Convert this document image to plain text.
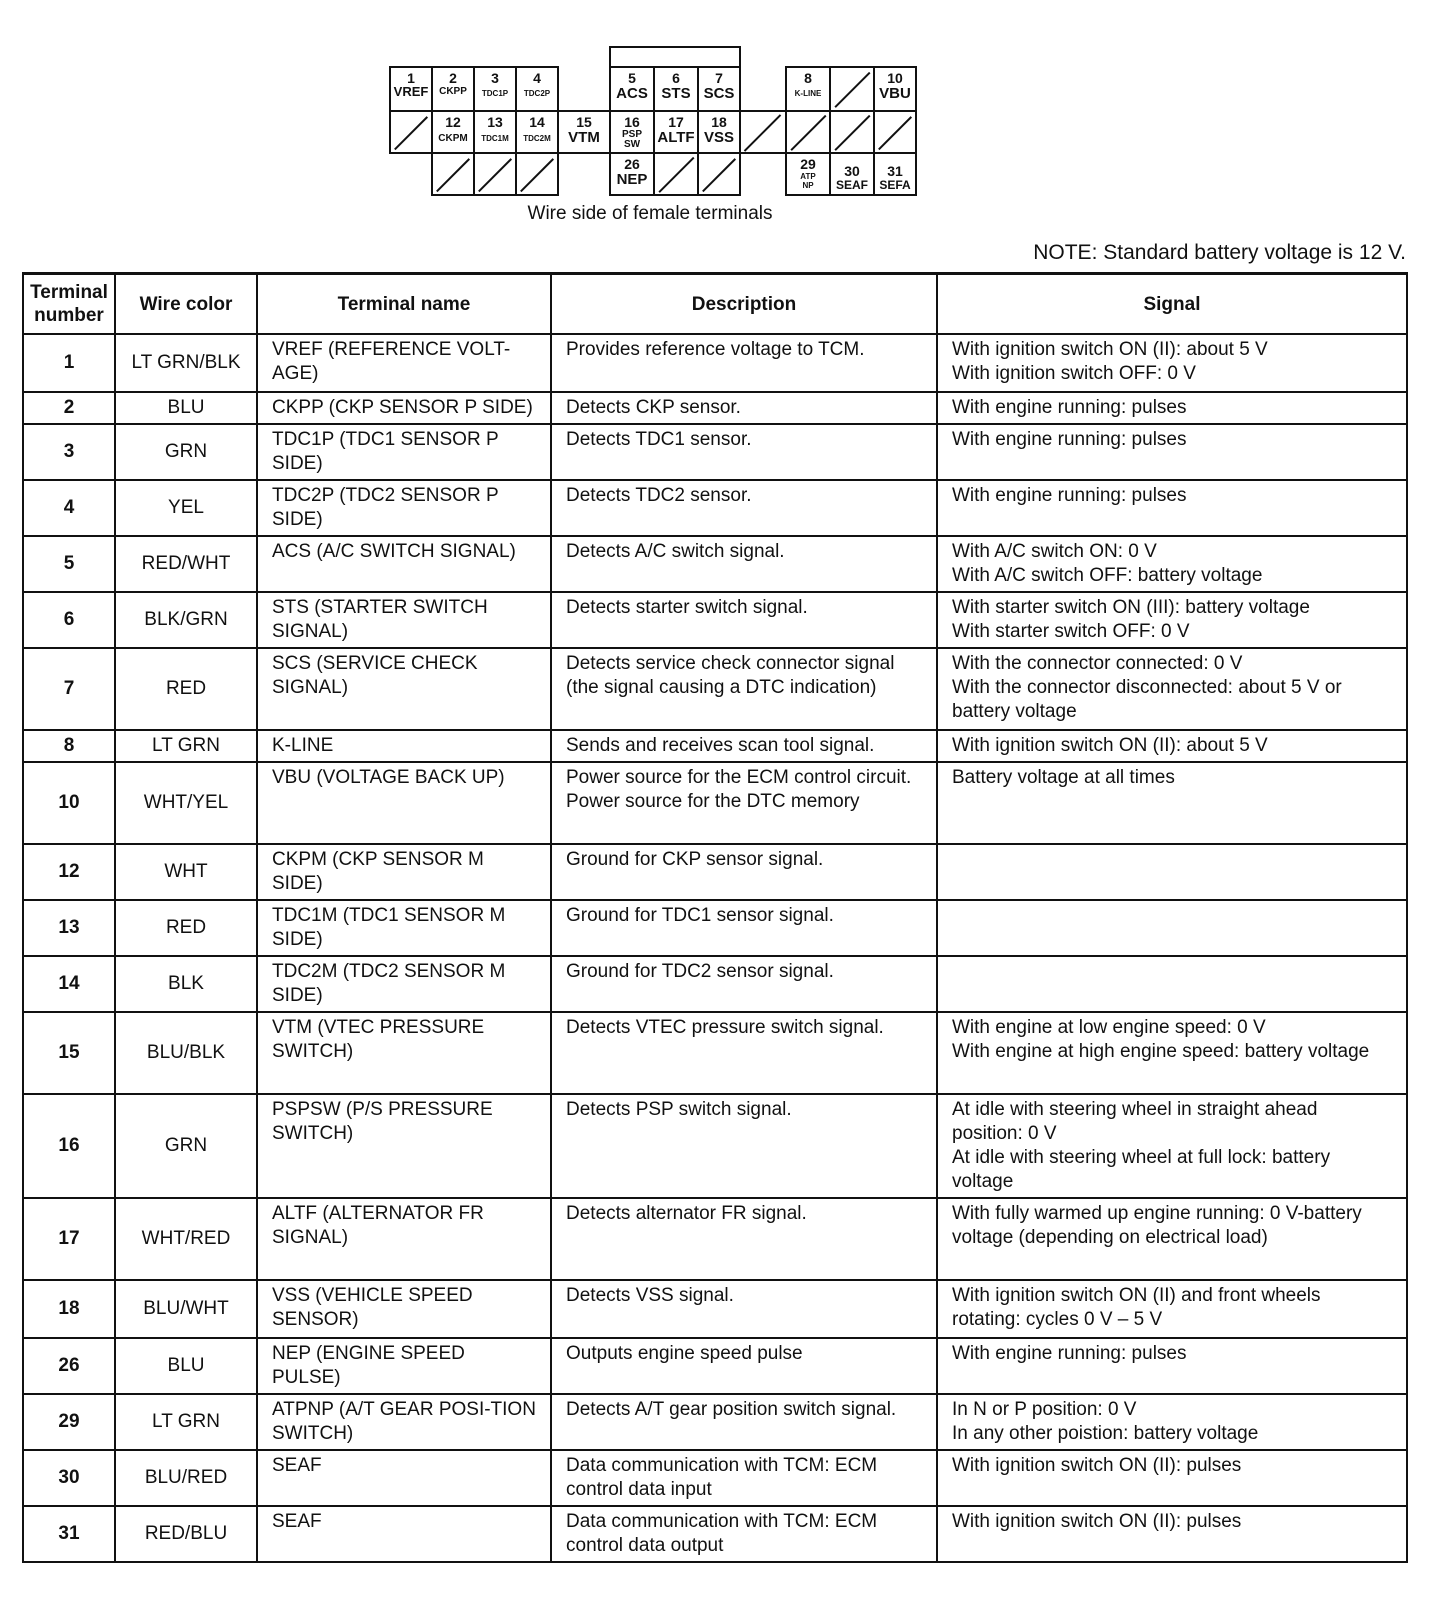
1
VREF
2
CKPP
3
TDC1P
4
TDC2P
5
ACS
6
STS
7
SCS
8
K-LINE
10
VBU
12
CKPM
13
TDC1M
14
TDC2M
15
VTM
16
PSP SW
17
ALTF
18
VSS
26
NEP
29
ATP NP
30
SEAF
31
SEFA
Wire side of female terminals
NOTE: Standard battery voltage is 12 V.
Terminal number	Wire color	Terminal name	Description	Signal
1	LT GRN/BLK	VREF (REFERENCE VOLT-AGE)	Provides reference voltage to TCM.	With ignition switch ON (II): about 5 V
With ignition switch OFF: 0 V
2	BLU	CKPP (CKP SENSOR P SIDE)	Detects CKP sensor.	With engine running: pulses
3	GRN	TDC1P (TDC1 SENSOR P SIDE)	Detects TDC1 sensor.	With engine running: pulses
4	YEL	TDC2P (TDC2 SENSOR P SIDE)	Detects TDC2 sensor.	With engine running: pulses
5	RED/WHT	ACS (A/C SWITCH SIGNAL)	Detects A/C switch signal.	With A/C switch ON: 0 V
With A/C switch OFF: battery voltage
6	BLK/GRN	STS (STARTER SWITCH SIGNAL)	Detects starter switch signal.	With starter switch ON (III): battery voltage
With starter switch OFF: 0 V
7	RED	SCS (SERVICE CHECK SIGNAL)	Detects service check connector signal (the signal causing a DTC indication)	With the connector connected: 0 V
With the connector disconnected: about 5 V or battery voltage
8	LT GRN	K-LINE	Sends and receives scan tool signal.	With ignition switch ON (II): about 5 V
10	WHT/YEL	VBU (VOLTAGE BACK UP)	Power source for the ECM control circuit. Power source for the DTC memory	Battery voltage at all times
12	WHT	CKPM (CKP SENSOR M SIDE)	Ground for CKP sensor signal.	
13	RED	TDC1M (TDC1 SENSOR M SIDE)	Ground for TDC1 sensor signal.	
14	BLK	TDC2M (TDC2 SENSOR M SIDE)	Ground for TDC2 sensor signal.	
15	BLU/BLK	VTM (VTEC PRESSURE SWITCH)	Detects VTEC pressure switch signal.	With engine at low engine speed: 0 V
With engine at high engine speed: battery voltage
16	GRN	PSPSW (P/S PRESSURE SWITCH)	Detects PSP switch signal.	At idle with steering wheel in straight ahead position: 0 V
At idle with steering wheel at full lock: battery voltage
17	WHT/RED	ALTF (ALTERNATOR FR SIGNAL)	Detects alternator FR signal.	With fully warmed up engine running: 0 V-battery voltage (depending on electrical load)
18	BLU/WHT	VSS (VEHICLE SPEED SENSOR)	Detects VSS signal.	With ignition switch ON (II) and front wheels rotating: cycles 0 V – 5 V
26	BLU	NEP (ENGINE SPEED PULSE)	Outputs engine speed pulse	With engine running: pulses
29	LT GRN	ATPNP (A/T GEAR POSI-TION SWITCH)	Detects A/T gear position switch signal.	In N or P position: 0 V
In any other poistion: battery voltage
30	BLU/RED	SEAF	Data communication with TCM: ECM control data input	With ignition switch ON (II): pulses
31	RED/BLU	SEAF	Data communication with TCM: ECM control data output	With ignition switch ON (II): pulses
